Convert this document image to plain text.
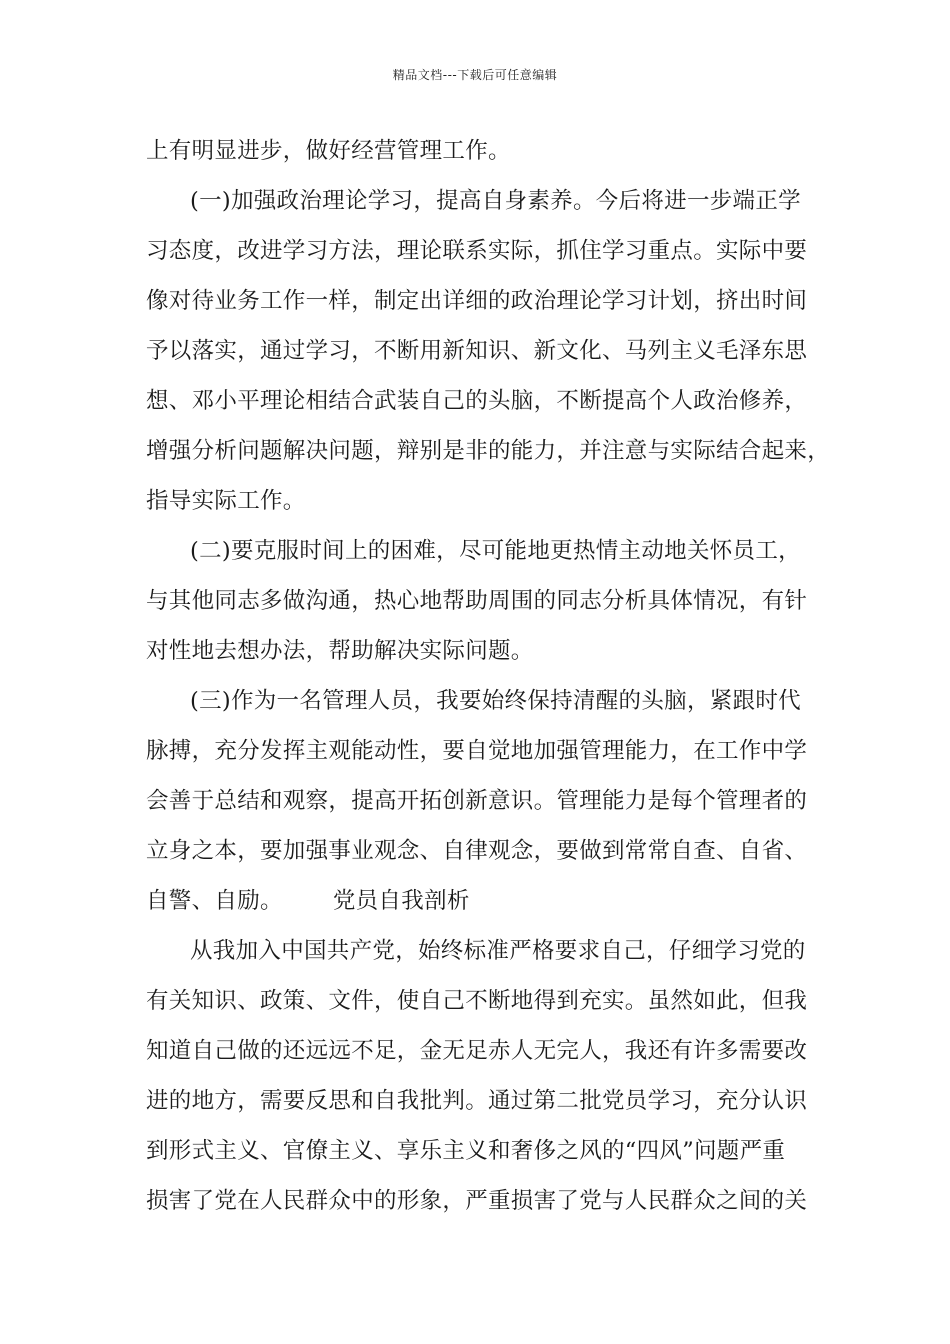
精品文档---下载后可任意编辑
上有明显进步，做好经营管理工作。
(一)加强政治理论学习，提高自身素养。今后将进一步端正学
习态度，改进学习方法，理论联系实际，抓住学习重点。实际中要
像对待业务工作一样，制定出详细的政治理论学习计划，挤出时间
予以落实，通过学习，不断用新知识、新文化、马列主义毛泽东思
想、邓小平理论相结合武装自己的头脑，不断提高个人政治修养，
增强分析问题解决问题，辩别是非的能力，并注意与实际结合起来，
指导实际工作。
(二)要克服时间上的困难，尽可能地更热情主动地关怀员工，
与其他同志多做沟通，热心地帮助周围的同志分析具体情况，有针
对性地去想办法，帮助解决实际问题。
(三)作为一名管理人员，我要始终保持清醒的头脑，紧跟时代
脉搏，充分发挥主观能动性，要自觉地加强管理能力，在工作中学
会善于总结和观察，提高开拓创新意识。管理能力是每个管理者的
立身之本，要加强事业观念、自律观念，要做到常常自查、自省、
自警、自励。 党员自我剖析
从我加入中国共产党，始终标准严格要求自己，仔细学习党的
有关知识、政策、文件，使自己不断地得到充实。虽然如此，但我
知道自己做的还远远不足，金无足赤人无完人，我还有许多需要改
进的地方，需要反思和自我批判。通过第二批党员学习，充分认识
到形式主义、官僚主义、享乐主义和奢侈之风的“四风”问题严重
损害了党在人民群众中的形象，严重损害了党与人民群众之间的关
